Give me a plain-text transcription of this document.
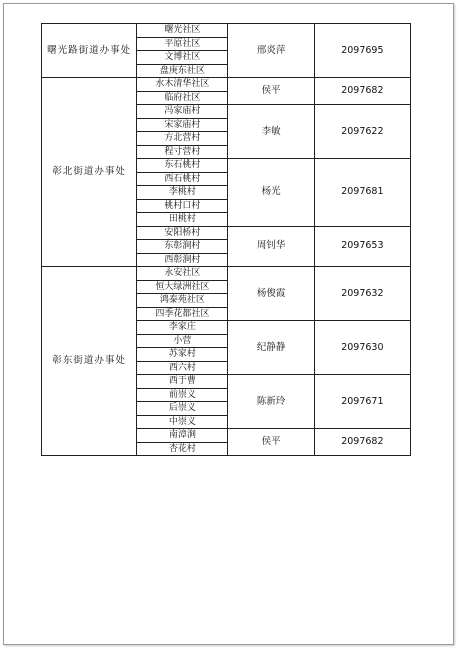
曙光路街道办事处	曙光社区	邢炎萍	2097695
	平原社区		
	文博社区		
	盘庚东社区		
彰北街道办事处	水木清华社区	侯平	2097682
	临府社区		
	冯家庙村	李敏	2097622
	宋家庙村		
	方北营村		
	程寸营村		
	东石桃村	杨光	2097681
	西石桃村		
	李桃村		
	桃村口村		
	田桃村		
	安阳桥村	周钊华	2097653
	东彰涧村		
	西彰涧村		
彰东街道办事处	永安社区	杨俊霞	2097632
	恒大绿洲社区		
	鸿泰苑社区		
	四季花都社区		
	李家庄	纪静静	2097630
	小营		
	苏家村		
	西六村		
	西于曹	陈新玲	2097671
	前崇义		
	后崇义		
	中崇义		
	南漳涧	侯平	2097682
	杏花村		
